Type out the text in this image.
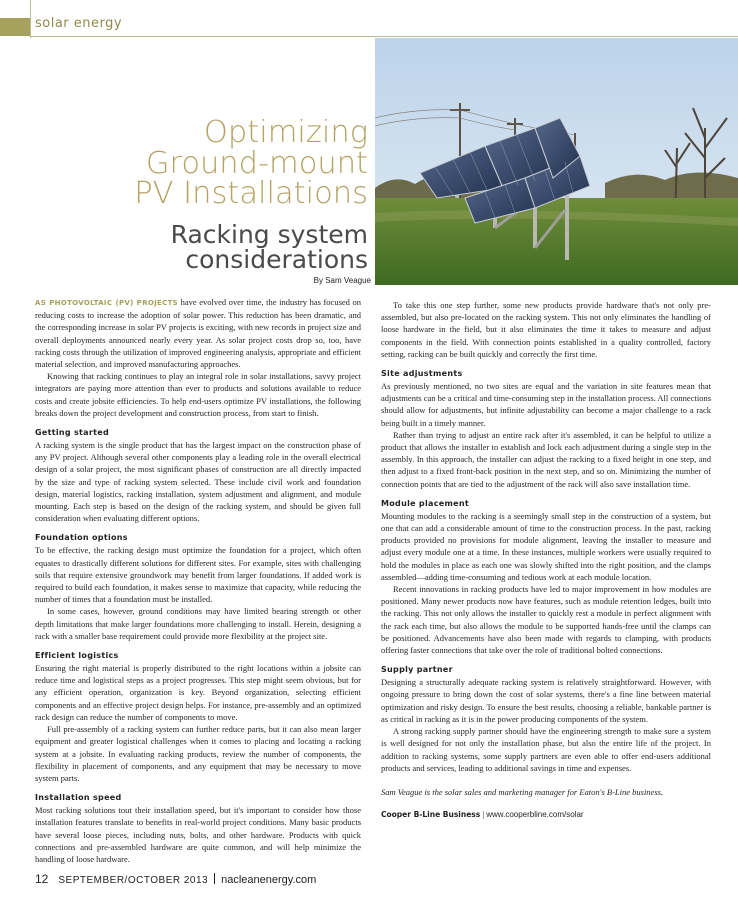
solar energy
Optimizing
Ground-mount
PV Installations
Racking system
considerations
By Sam Veague

AS PHOTOVOLTAIC (PV) PROJECTS have evolved over time, the industry has focused on reducing costs to increase the adoption of solar power. This reduction has been dramatic, and the corresponding increase in solar PV projects is exciting, with new records in project size and overall deployments announced nearly every year. As solar project costs drop so, too, have racking costs through the utilization of improved engineering analysis, appropriate and efficient material selection, and improved manufacturing approaches.

Knowing that racking continues to play an integral role in solar installations, savvy project integrators are paying more attention than ever to products and solutions available to reduce costs and create jobsite efficiencies. To help end-users optimize PV installations, the following breaks down the project development and construction process, from start to finish.

Getting started

A racking system is the single product that has the largest impact on the construction phase of any PV project. Although several other components play a leading role in the overall electrical design of a solar project, the most significant phases of construction are all directly impacted by the size and type of racking system selected. These include civil work and foundation design, material logistics, racking installation, system adjustment and alignment, and module mounting. Each step is based on the design of the racking system, and should be given full consideration when evaluating different options.

Foundation options

To be effective, the racking design must optimize the foundation for a project, which often equates to drastically different solutions for different sites. For example, sites with challenging soils that require extensive groundwork may benefit from larger foundations. If added work is required to build each foundation, it makes sense to maximize that capacity, while reducing the number of times that a foundation must be installed.

In some cases, however, ground conditions may have limited bearing strength or other depth limitations that make larger foundations more challenging to install. Herein, designing a rack with a smaller base requirement could provide more flexibility at the project site.

Efficient logistics

Ensuring the right material is properly distributed to the right locations within a jobsite can reduce time and logistical steps as a project progresses. This step might seem obvious, but for any efficient operation, organization is key. Beyond organization, selecting efficient components and an effective project design helps. For instance, pre-assembly and an optimized rack design can reduce the number of components to move.

Full pre-assembly of a racking system can further reduce parts, but it can also mean larger equipment and greater logistical challenges when it comes to placing and locating a racking system at a jobsite. In evaluating racking products, review the number of components, the flexibility in placement of components, and any equipment that may be necessary to move system parts.

Installation speed

Most racking solutions tout their installation speed, but it's important to consider how those installation features translate to benefits in real-world project conditions. Many basic products have several loose pieces, including nuts, bolts, and other hardware. Products with quick connections and pre-assembled hardware are quite common, and will help minimize the handling of loose hardware.

To take this one step further, some new products provide hardware that's not only pre-assembled, but also pre-located on the racking system. This not only eliminates the handling of loose hardware in the field, but it also eliminates the time it takes to measure and adjust components in the field. With connection points established in a quality controlled, factory setting, racking can be built quickly and correctly the first time.

Site adjustments

As previously mentioned, no two sites are equal and the variation in site features mean that adjustments can be a critical and time-consuming step in the installation process. All connections should allow for adjustments, but infinite adjustability can become a major challenge to a rack being built in a timely manner.

Rather than trying to adjust an entire rack after it's assembled, it can be helpful to utilize a product that allows the installer to establish and lock each adjustment during a single step in the assembly. In this approach, the installer can adjust the racking to a fixed height in one step, and then adjust to a fixed front-back position in the next step, and so on. Minimizing the number of connection points that are tied to the adjustment of the rack will also save installation time.

Module placement

Mounting modules to the racking is a seemingly small step in the construction of a system, but one that can add a considerable amount of time to the construction process. In the past, racking products provided no provisions for module alignment, leaving the installer to measure and adjust every module one at a time. In these instances, multiple workers were usually required to hold the modules in place as each one was slowly shifted into the right position, and the clamps assembled—adding time-consuming and tedious work at each module location.

Recent innovations in racking products have led to major improvement in how modules are positioned. Many newer products now have features, such as module retention ledges, built into the racking. This not only allows the installer to quickly rest a module in perfect alignment with the rack each time, but also allows the module to be supported hands-free until the clamps can be positioned. Advancements have also been made with regards to clamping, with products offering faster connections that take over the role of traditional bolted connections.

Supply partner

Designing a structurally adequate racking system is relatively straightforward. However, with ongoing pressure to bring down the cost of solar systems, there's a fine line between material optimization and risky design. To ensure the best results, choosing a reliable, bankable partner is as critical in racking as it is in the power producing components of the system.

A strong racking supply partner should have the engineering strength to make sure a system is well designed for not only the installation phase, but also the entire life of the project. In addition to racking systems, some supply partners are even able to offer end-users additional products and services, leading to additional savings in time and expenses.

Sam Veague is the solar sales and marketing manager for Eaton's B-Line business.

Cooper B-Line Business | www.cooperbline.com/solar

12 SEPTEMBER/OCTOBER 2013 nacleanenergy.com
